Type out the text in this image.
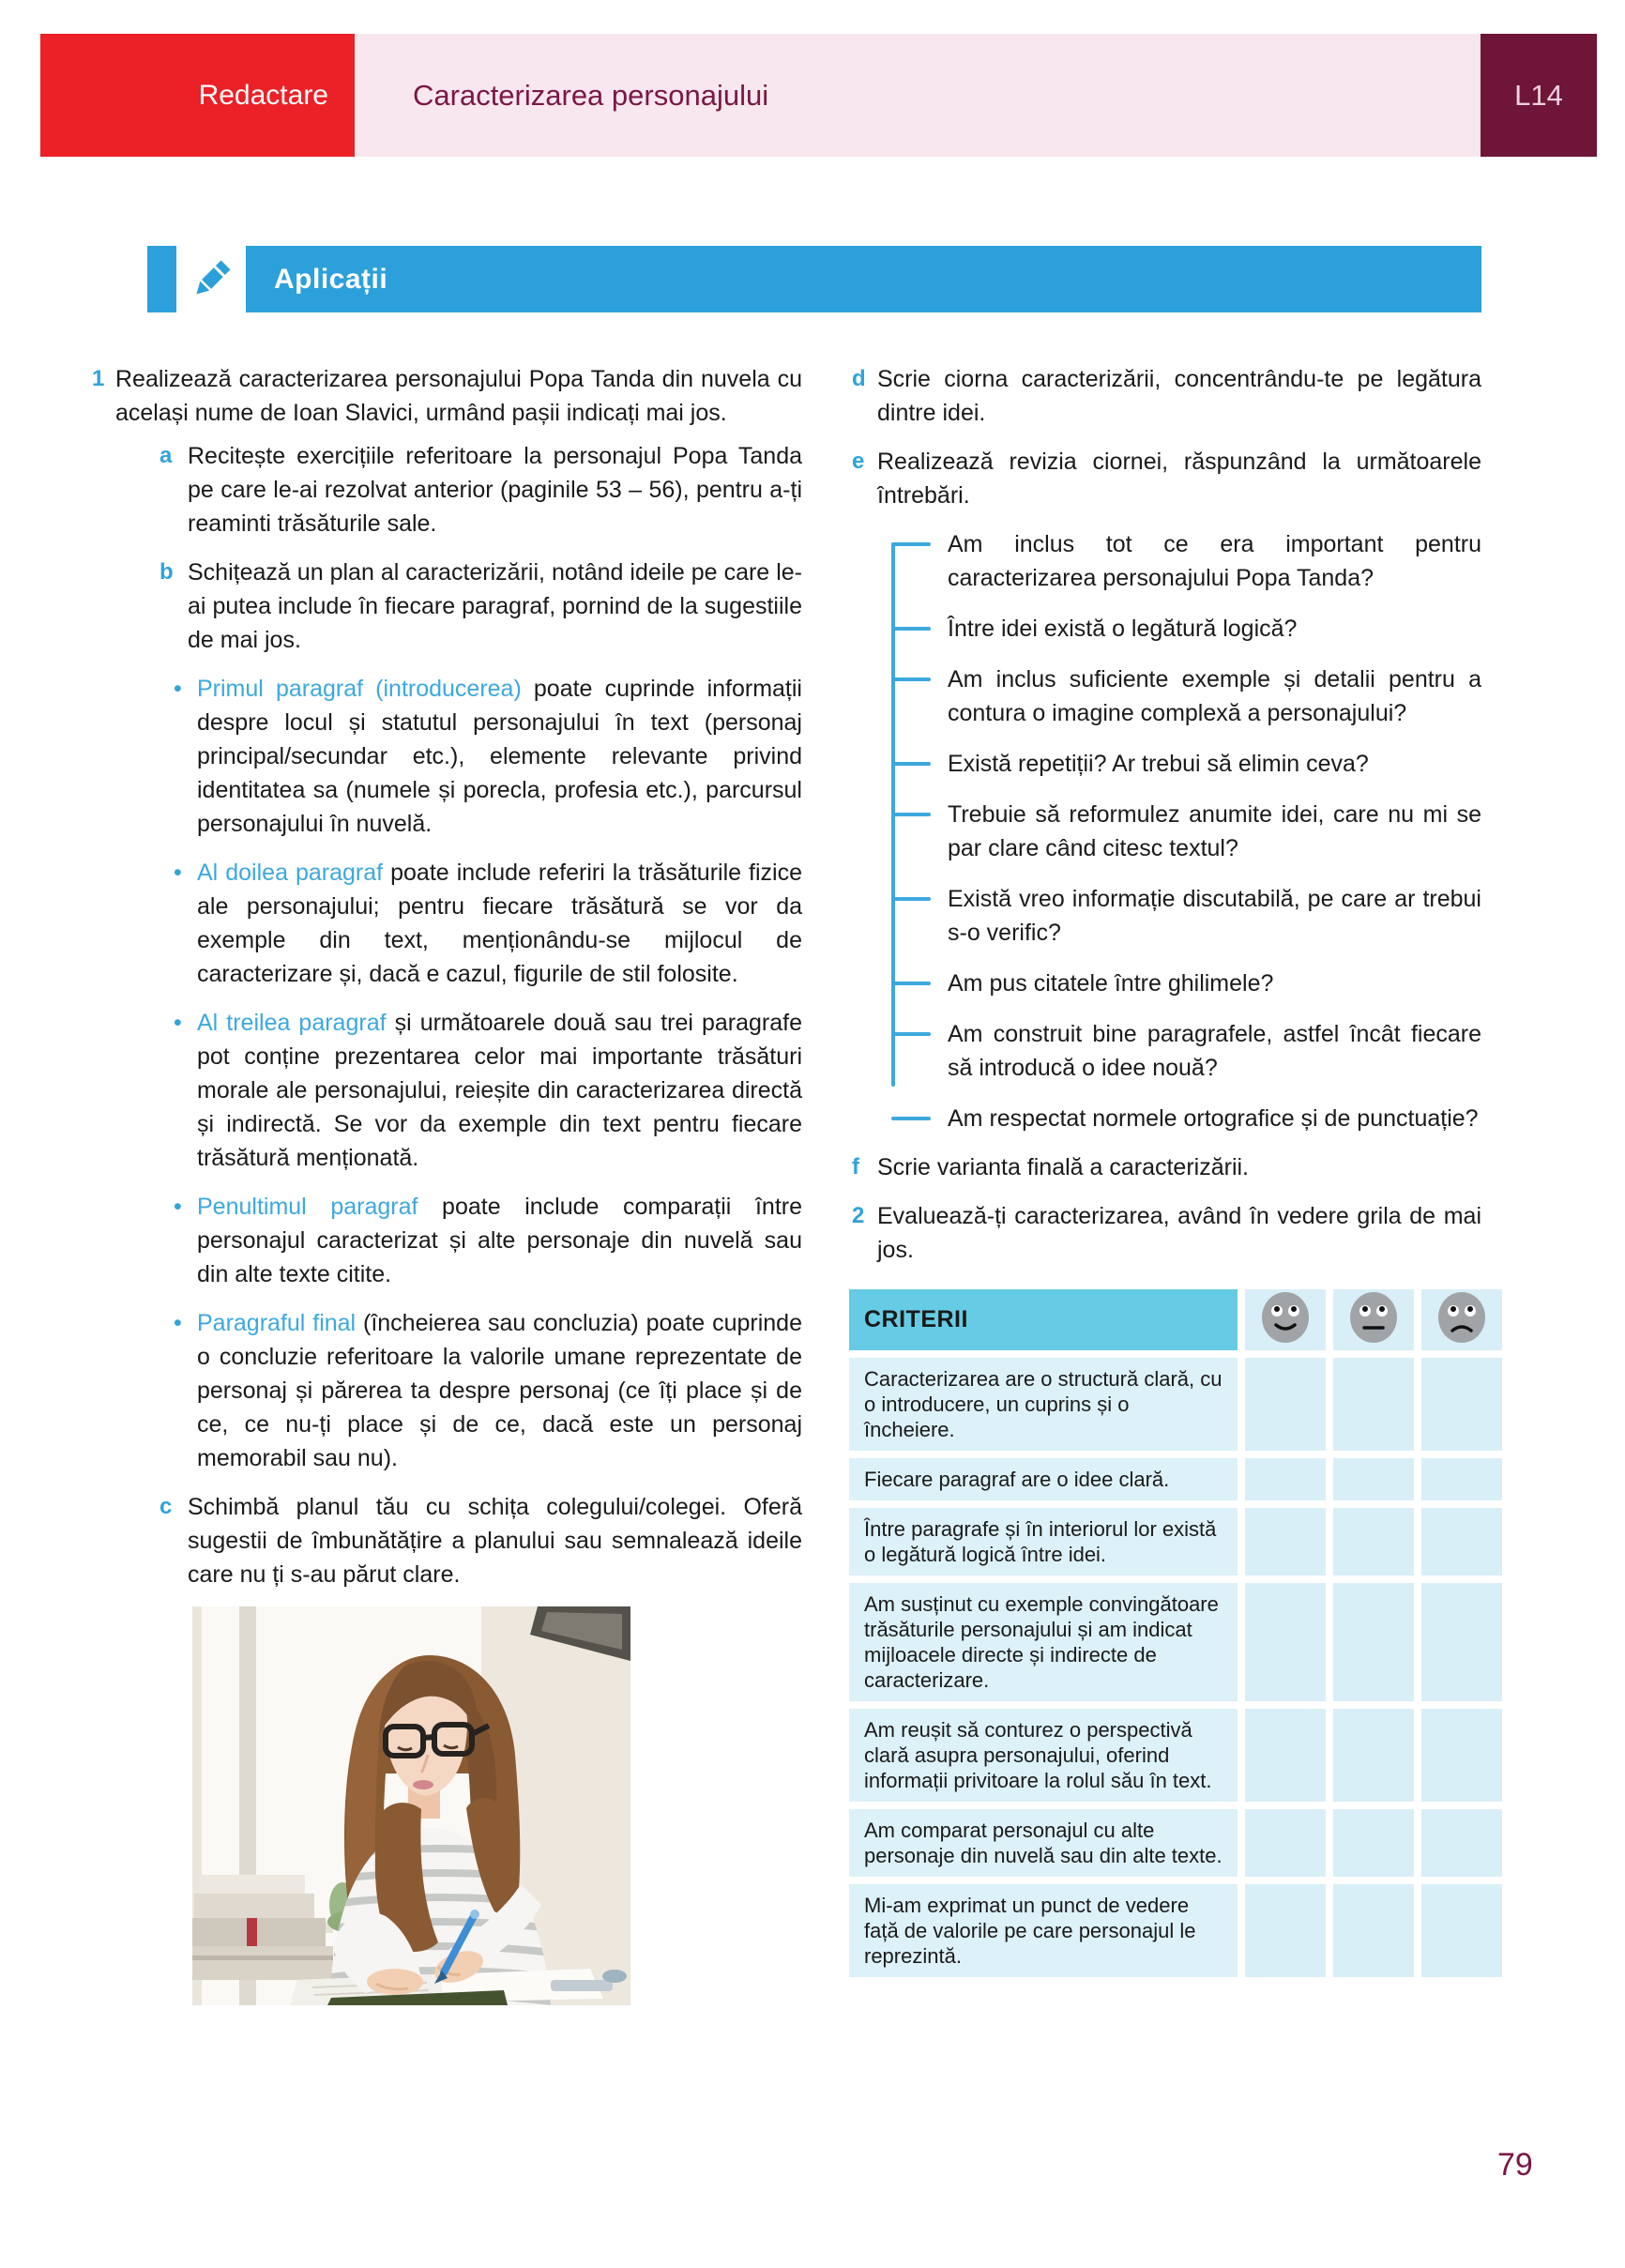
Redactare	Caracterizarea personajului	L14
Aplicații
1 Realizează caracterizarea personajului Popa Tanda din nuvela cu același nume de Ioan Slavici, urmând pașii indicați mai jos.
a Recitește exercițiile referitoare la personajul Popa Tanda pe care le-ai rezolvat anterior (paginile 53 – 56), pentru a-ți reaminti trăsăturile sale.
b Schițează un plan al caracterizării, notând ideile pe care le-ai putea include în fiecare paragraf, pornind de la sugestiile de mai jos.
•
Primul paragraf (introducerea) poate cuprinde informații despre locul și statutul personajului în text (personaj principal/secundar etc.), elemente relevante privind identitatea sa (numele și porecla, profesia etc.), parcursul personajului în nuvelă.
•
Al doilea paragraf poate include referiri la trăsăturile fizice ale personajului; pentru fiecare trăsătură se vor da exemple din text, menționându-se mijlocul de caracterizare și, dacă e cazul, figurile de stil folosite.
•
Al treilea paragraf și următoarele două sau trei paragrafe pot conține prezentarea celor mai importante trăsături morale ale personajului, reieșite din caracterizarea directă și indirectă. Se vor da exemple din text pentru fiecare trăsătură menționată.
•
Penultimul paragraf poate include comparații între personajul caracterizat și alte personaje din nuvelă sau din alte texte citite.
•
Paragraful final (încheierea sau concluzia) poate cuprinde o concluzie referitoare la valorile umane reprezentate de personaj și părerea ta despre personaj (ce îți place și de ce, ce nu-ți place și de ce, dacă este un personaj memorabil sau nu).
c Schimbă planul tău cu schița colegului/colegei. Oferă sugestii de îmbunătățire a planului sau semnalează ideile care nu ți s-au părut clare.
d Scrie ciorna caracterizării, concentrându-te pe legătura dintre idei.
e Realizează revizia ciornei, răspunzând la următoarele întrebări.
Am inclus tot ce era important pentru caracterizarea personajului Popa Tanda?
Între idei există o legătură logică?
Am inclus suficiente exemple și detalii pentru a contura o imagine complexă a personajului?
Există repetiții? Ar trebui să elimin ceva?
Trebuie să reformulez anumite idei, care nu mi se par clare când citesc textul?
Există vreo informație discutabilă, pe care ar trebui s-o verific?
Am pus citatele între ghilimele?
Am construit bine paragrafele, astfel încât fiecare să introducă o idee nouă?
Am respectat normele ortografice și de punctuație?
f Scrie varianta finală a caracterizării.
2 Evaluează-ți caracterizarea, având în vedere grila de mai jos.
CRITERII			
Caracterizarea are o structură clară, cu o introducere, un cuprins și o încheiere.			
Fiecare paragraf are o idee clară.			
Între paragrafe și în interiorul lor există o legătură logică între idei.			
Am susținut cu exemple convingătoare trăsăturile personajului și am indicat mijloacele directe și indirecte de caracterizare.			
Am reușit să conturez o perspectivă clară asupra personajului, oferind informații privitoare la rolul său în text.			
Am comparat personajul cu alte personaje din nuvelă sau din alte texte.			
Mi-am exprimat un punct de vedere față de valorile pe care personajul le reprezintă.			
79
